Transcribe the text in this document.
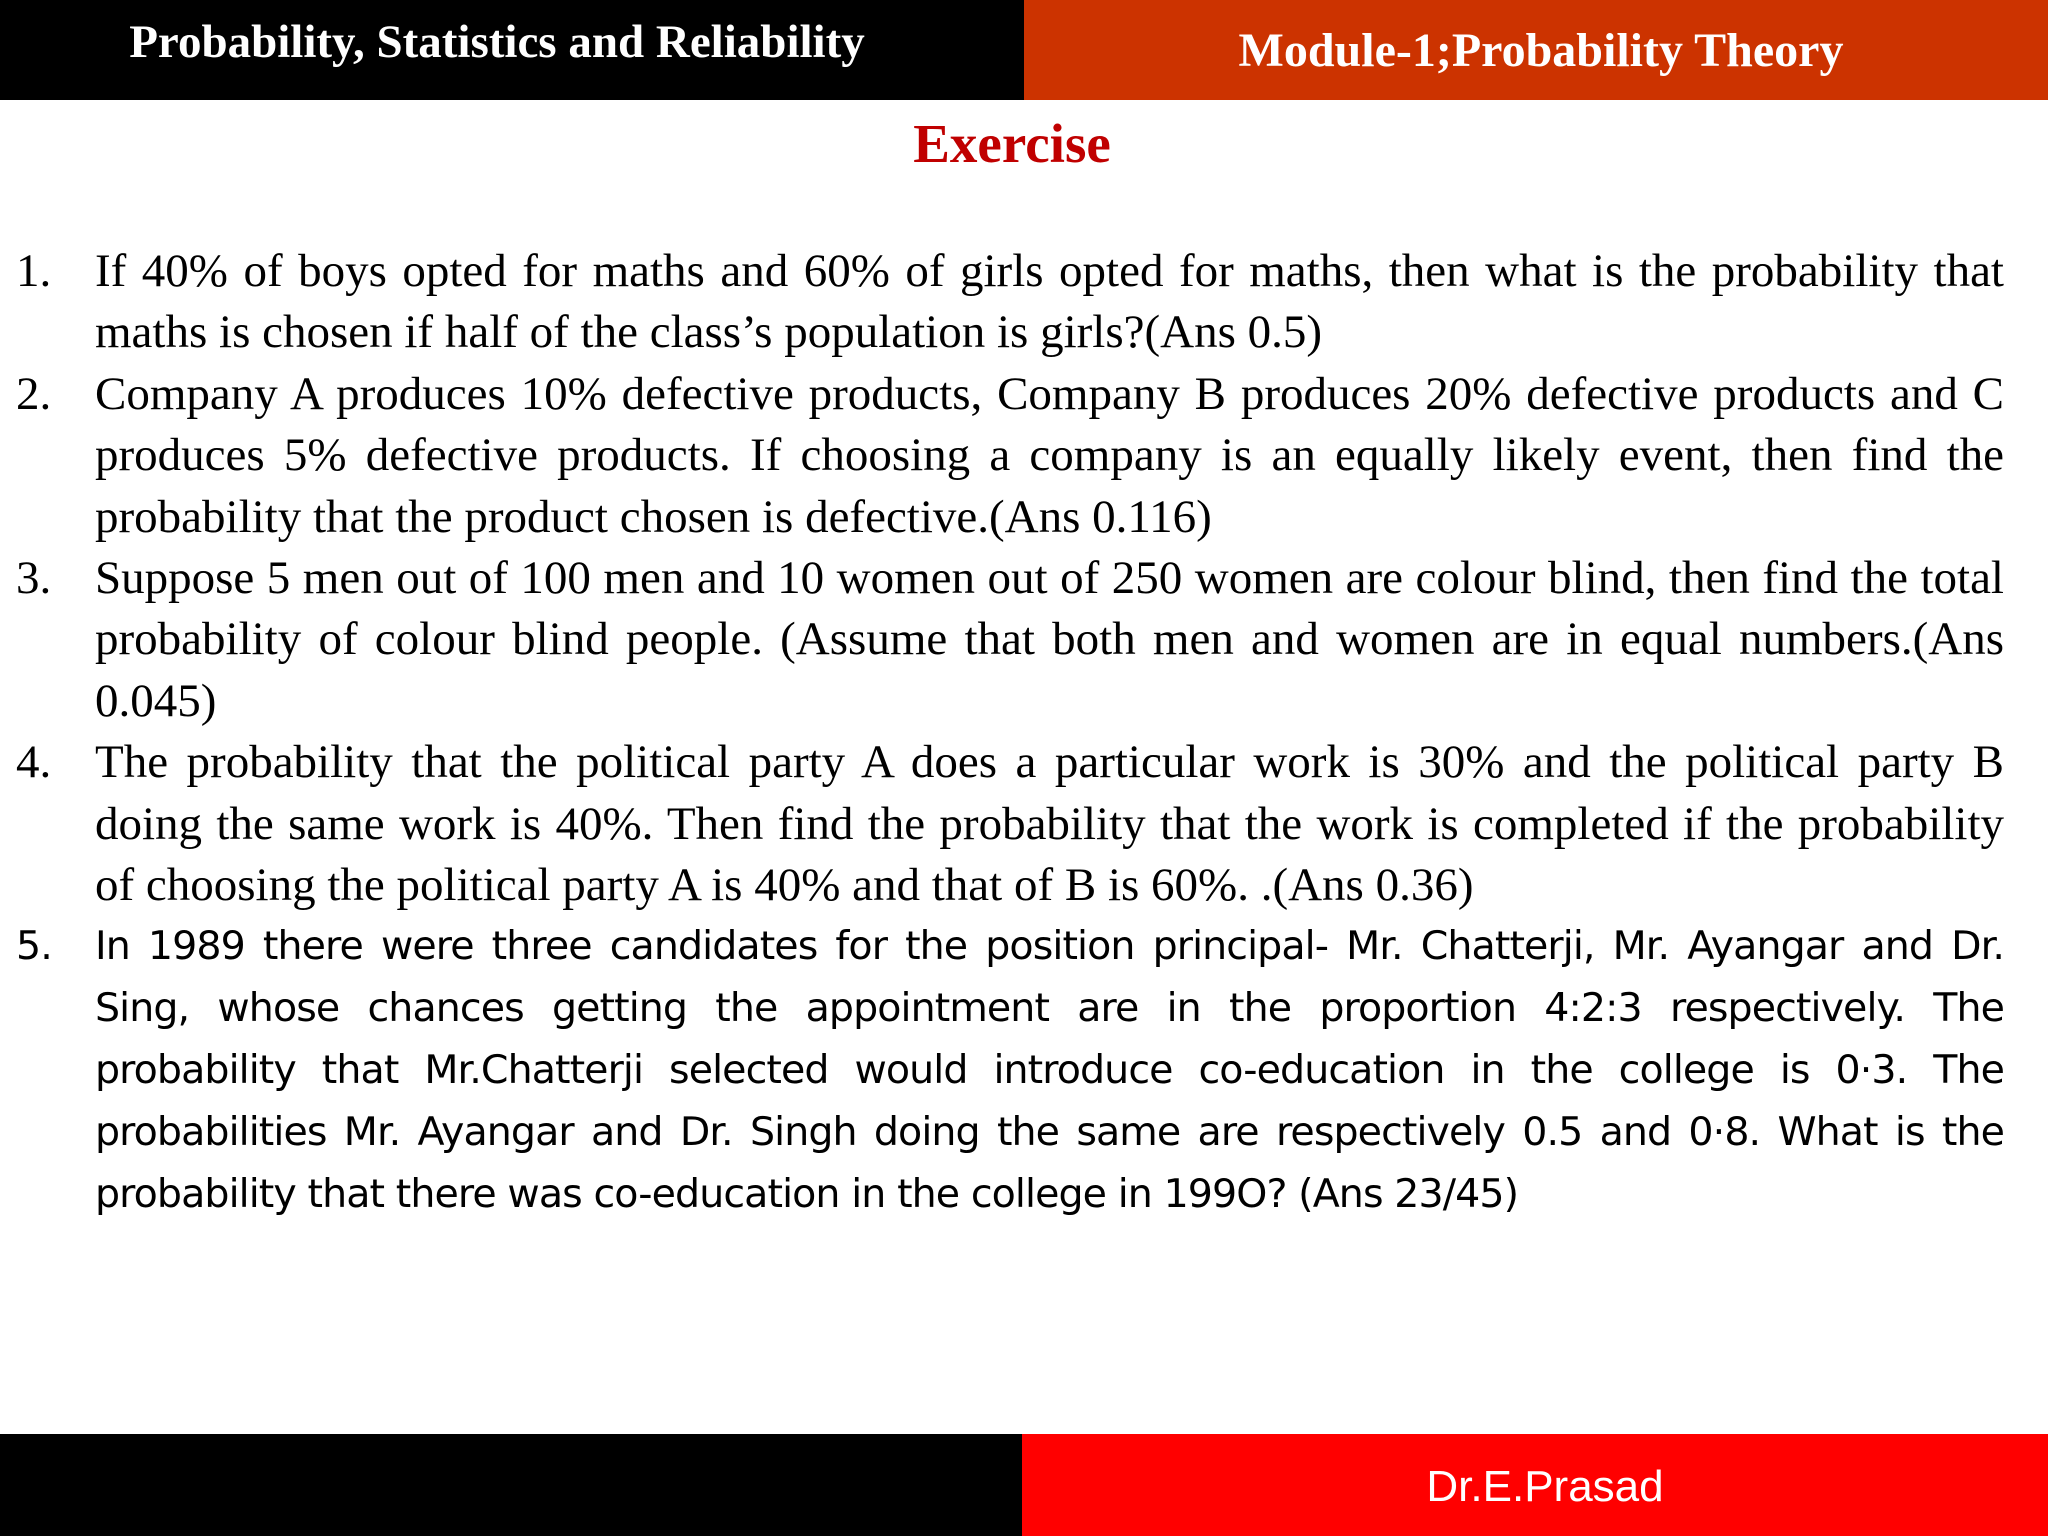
Probability, Statistics and Reliability	Module-1;Probability Theory
Exercise
1. If 40% of boys opted for maths and 60% of girls opted for maths, then what is the probability that maths is chosen if half of the class’s population is girls?(Ans 0.5)
2. Company A produces 10% defective products, Company B produces 20% defective products and C produces 5% defective products. If choosing a company is an equally likely event, then find the probability that the product chosen is defective.(Ans 0.116)
3. Suppose 5 men out of 100 men and 10 women out of 250 women are colour blind, then find the total probability of colour blind people. (Assume that both men and women are in equal numbers.(Ans 0.045)
4. The probability that the political party A does a particular work is 30% and the political party B doing the same work is 40%. Then find the probability that the work is completed if the probability of choosing the political party A is 40% and that of B is 60%. .(Ans 0.36)
5. In 1989 there were three candidates for the position principal- Mr. Chatterji, Mr. Ayangar and Dr. Sing, whose chances getting the appointment are in the proportion 4:2:3 respectively. The probability that Mr.Chatterji selected would introduce co-education in the college is 0·3. The probabilities Mr. Ayangar and Dr. Singh doing the same are respectively 0.5 and 0·8. What is the probability that there was co-education in the college in 199O? (Ans 23/45)
Dr.E.Prasad
